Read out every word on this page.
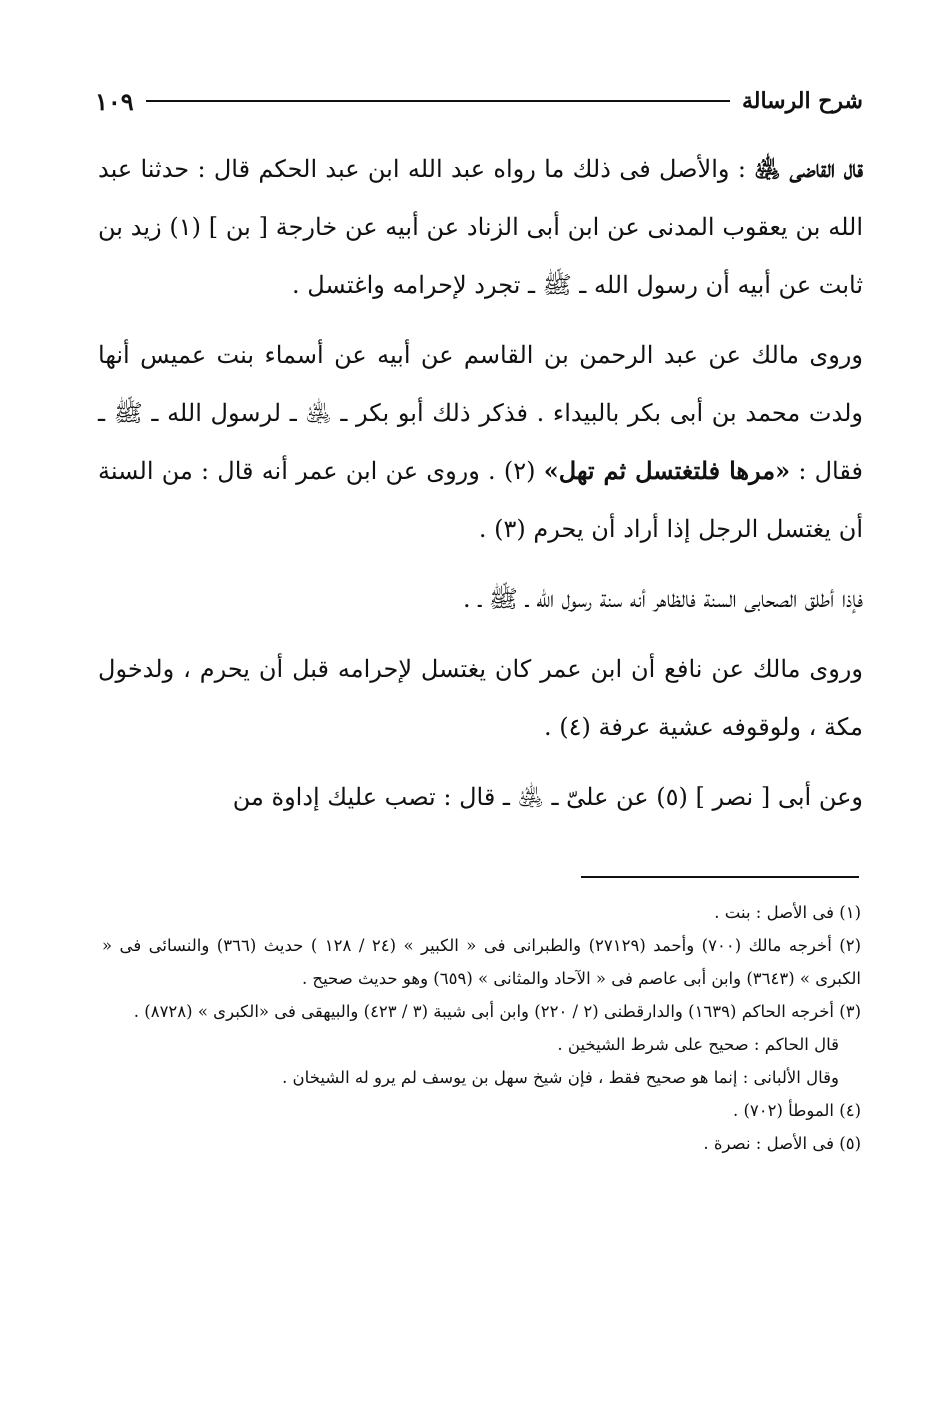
شرح الرسالة
١٠٩

قال القاضى ﵁ : والأصل فى ذلك ما رواه عبد الله ابن عبد الحكم قال : حدثنا عبد الله بن يعقوب المدنى عن ابن أبى الزناد عن أبيه عن خارجة [ بن ] (١) زيد بن ثابت عن أبيه أن رسول الله ـ ﷺ ـ تجرد لإحرامه واغتسل .

وروى مالك عن عبد الرحمن بن القاسم عن أبيه عن أسماء بنت عميس أنها ولدت محمد بن أبى بكر بالبيداء . فذكر ذلك أبو بكر ـ ﵁ ـ لرسول الله ـ ﷺ ـ فقال : «مرها فلتغتسل ثم تهل» (٢) . وروى عن ابن عمر أنه قال : من السنة أن يغتسل الرجل إذا أراد أن يحرم (٣) .

فإذا أطلق الصحابى السنة فالظاهر أنه سنة رسول الله ـ ﷺ ـ .

وروى مالك عن نافع أن ابن عمر كان يغتسل لإحرامه قبل أن يحرم ، ولدخول مكة ، ولوقوفه عشية عرفة (٤) .

وعن أبى [ نصر ] (٥) عن علىّ ـ ﵁ ـ قال : تصب عليك إداوة من

(١) فى الأصل : بنت .

(٢) أخرجه مالك (٧٠٠) وأحمد (٢٧١٢٩) والطبرانى فى « الكبير » (٢٤ / ١٢٨ ) حديث (٣٦٦) والنسائى فى « الكبرى » (٣٦٤٣) وابن أبى عاصم فى « الآحاد والمثانى » (٦٥٩) وهو حديث صحيح .

(٣) أخرجه الحاكم (١٦٣٩) والدارقطنى (٢ / ٢٢٠) وابن أبى شيبة (٣ / ٤٢٣) والبيهقى فى «الكبرى » (٨٧٢٨) .

قال الحاكم : صحيح على شرط الشيخين .

وقال الألبانى : إنما هو صحيح فقط ، فإن شيخ سهل بن يوسف لم يرو له الشيخان .

(٤) الموطأ (٧٠٢) .

(٥) فى الأصل : نصرة .
